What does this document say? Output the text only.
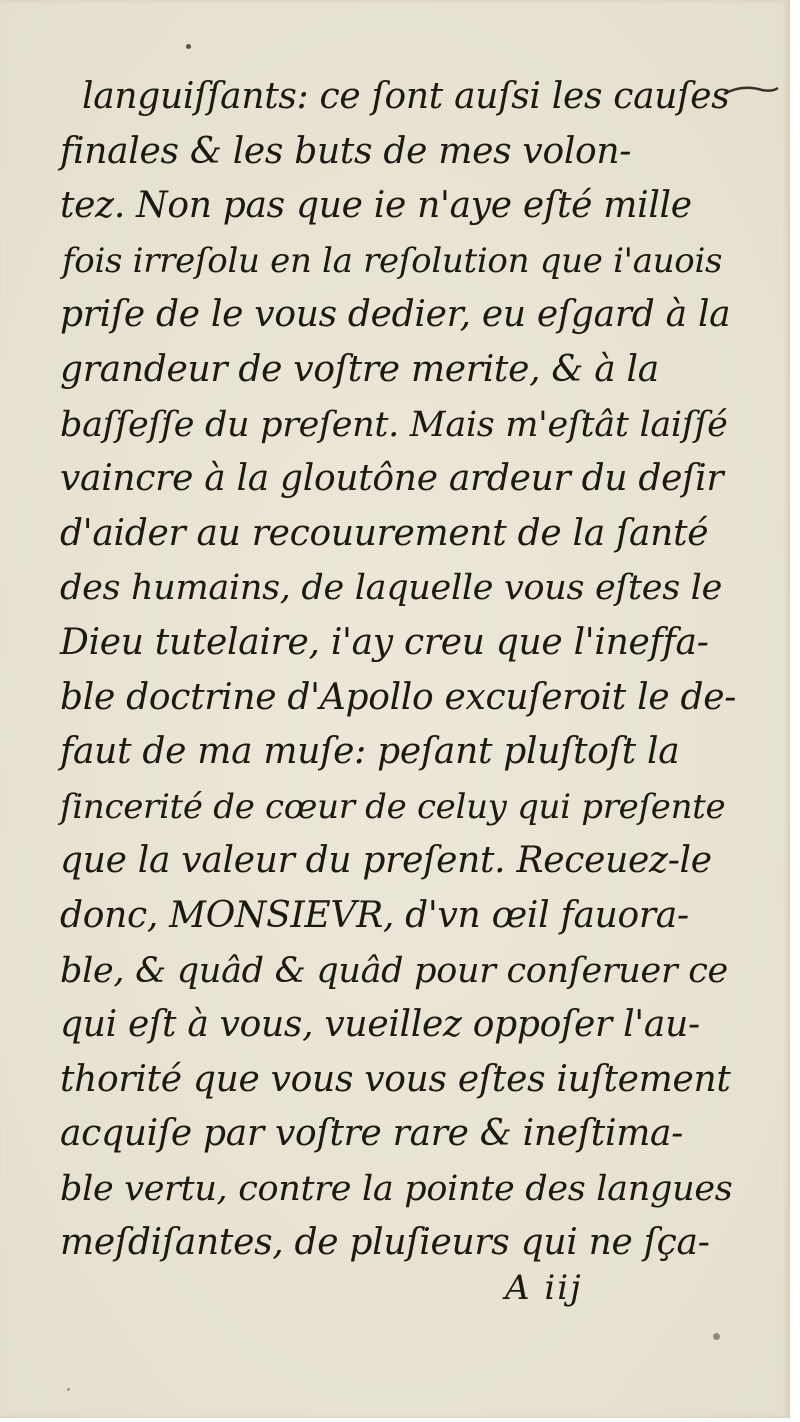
languiſſants: ce ſont auſsi les cauſes
finales & les buts de mes volon-
tez. Non pas que ie n'aye eſté mille
fois irreſolu en la reſolution que i'auois
priſe de le vous dedier, eu eſgard à la
grandeur de voſtre merite, & à la
baſſeſſe du preſent. Mais m'eſtât laiſſé
vaincre à la gloutône ardeur du deſir
d'aider au recouurement de la ſanté
des humains, de laquelle vous eſtes le
Dieu tutelaire, i'ay creu que l'ineffa-
ble doctrine d'Apollo excuſeroit le de-
faut de ma muſe: peſant pluſtoſt la
ſincerité de cœur de celuy qui preſente
que la valeur du preſent. Receuez-le
donc, MONSIEVR, d'vn œil fauora-
ble, & quâd & quâd pour conſeruer ce
qui eſt à vous, vueillez oppoſer l'au-
thorité que vous vous eſtes iuſtement
acquiſe par voſtre rare & ineſtima-
ble vertu, contre la pointe des langues
meſdiſantes, de pluſieurs qui ne ſça-
A iij
